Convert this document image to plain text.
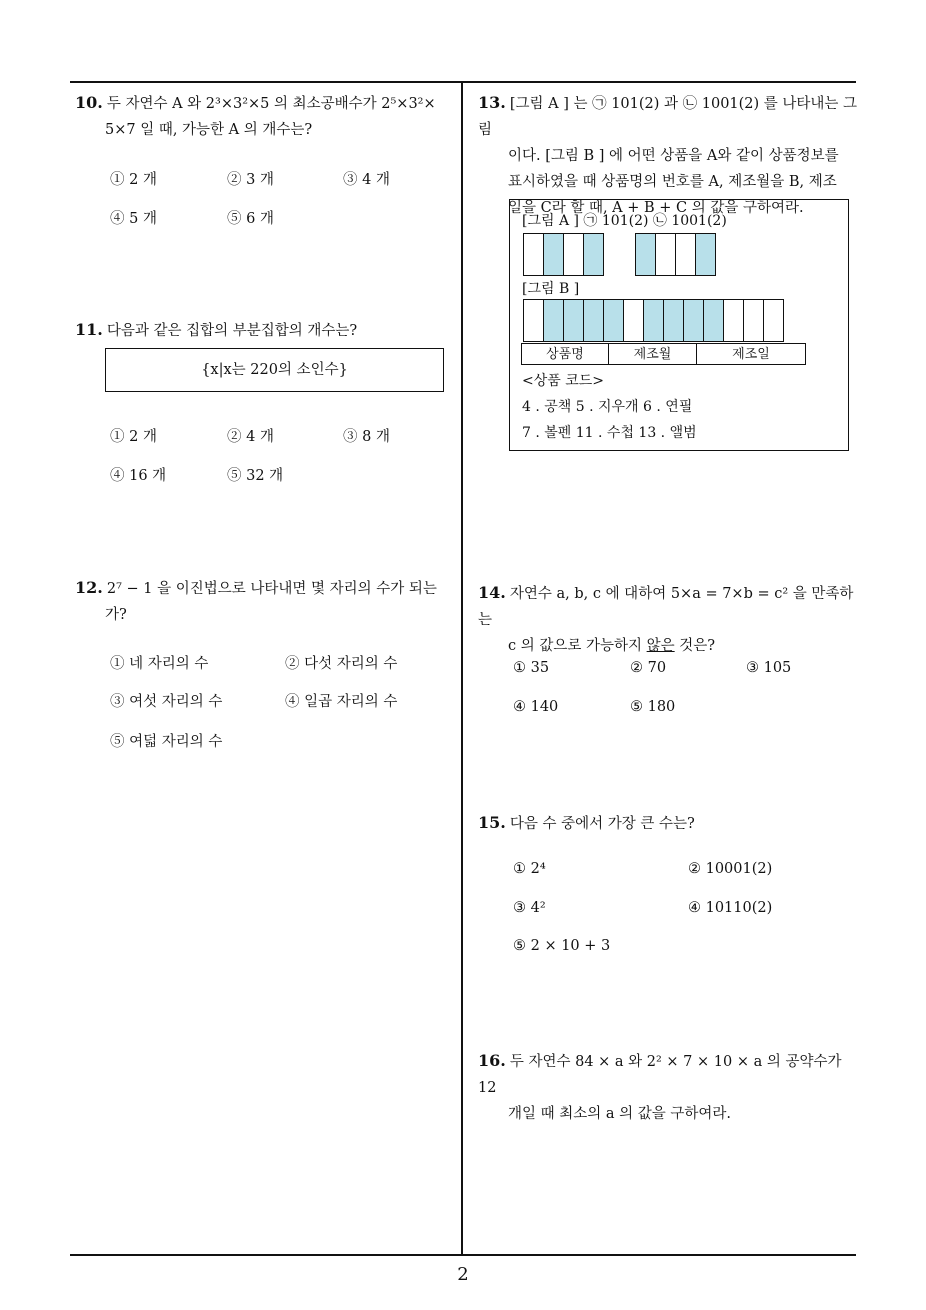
2
10. 두 자연수 A 와 2³×3²×5 의 최소공배수가 2⁵×3²×
5×7 일 때, 가능한 A 의 개수는?
① 2 개	② 3 개	③ 4 개
④ 5 개	⑤ 6 개
11. 다음과 같은 집합의 부분집합의 개수는?
{x|x는 220의 소인수}
① 2 개	② 4 개	③ 8 개
④ 16 개	⑤ 32 개
12. 2⁷ − 1 을 이진법으로 나타내면 몇 자리의 수가 되는
가?
① 네 자리의 수	② 다섯 자리의 수
③ 여섯 자리의 수	④ 일곱 자리의 수
⑤ 여덟 자리의 수
13. [그림 A ] 는 ㉠ 101(2) 과 ㉡ 1001(2) 를 나타내는 그림
이다. [그림 B ] 에 어떤 상품을 A와 같이 상품정보를
표시하였을 때 상품명의 번호를 A, 제조월을 B, 제조
일을 C라 할 때, A + B + C 의 값을 구하여라.
[그림 A ] ㉠ 101(2) ㉡ 1001(2)
[그림 B ]
상품명	제조월	제조일
<상품 코드>
4 . 공책 5 . 지우개 6 . 연필
7 . 볼펜 11 . 수첩 13 . 앨범
14. 자연수 a, b, c 에 대하여 5×a = 7×b = c² 을 만족하는
c 의 값으로 가능하지 않은 것은?
① 35	② 70	③ 105
④ 140	⑤ 180
15. 다음 수 중에서 가장 큰 수는?
① 2⁴	② 10001(2)
③ 4²	④ 10110(2)
⑤ 2 × 10 + 3
16. 두 자연수 84 × a 와 2² × 7 × 10 × a 의 공약수가 12
개일 때 최소의 a 의 값을 구하여라.
